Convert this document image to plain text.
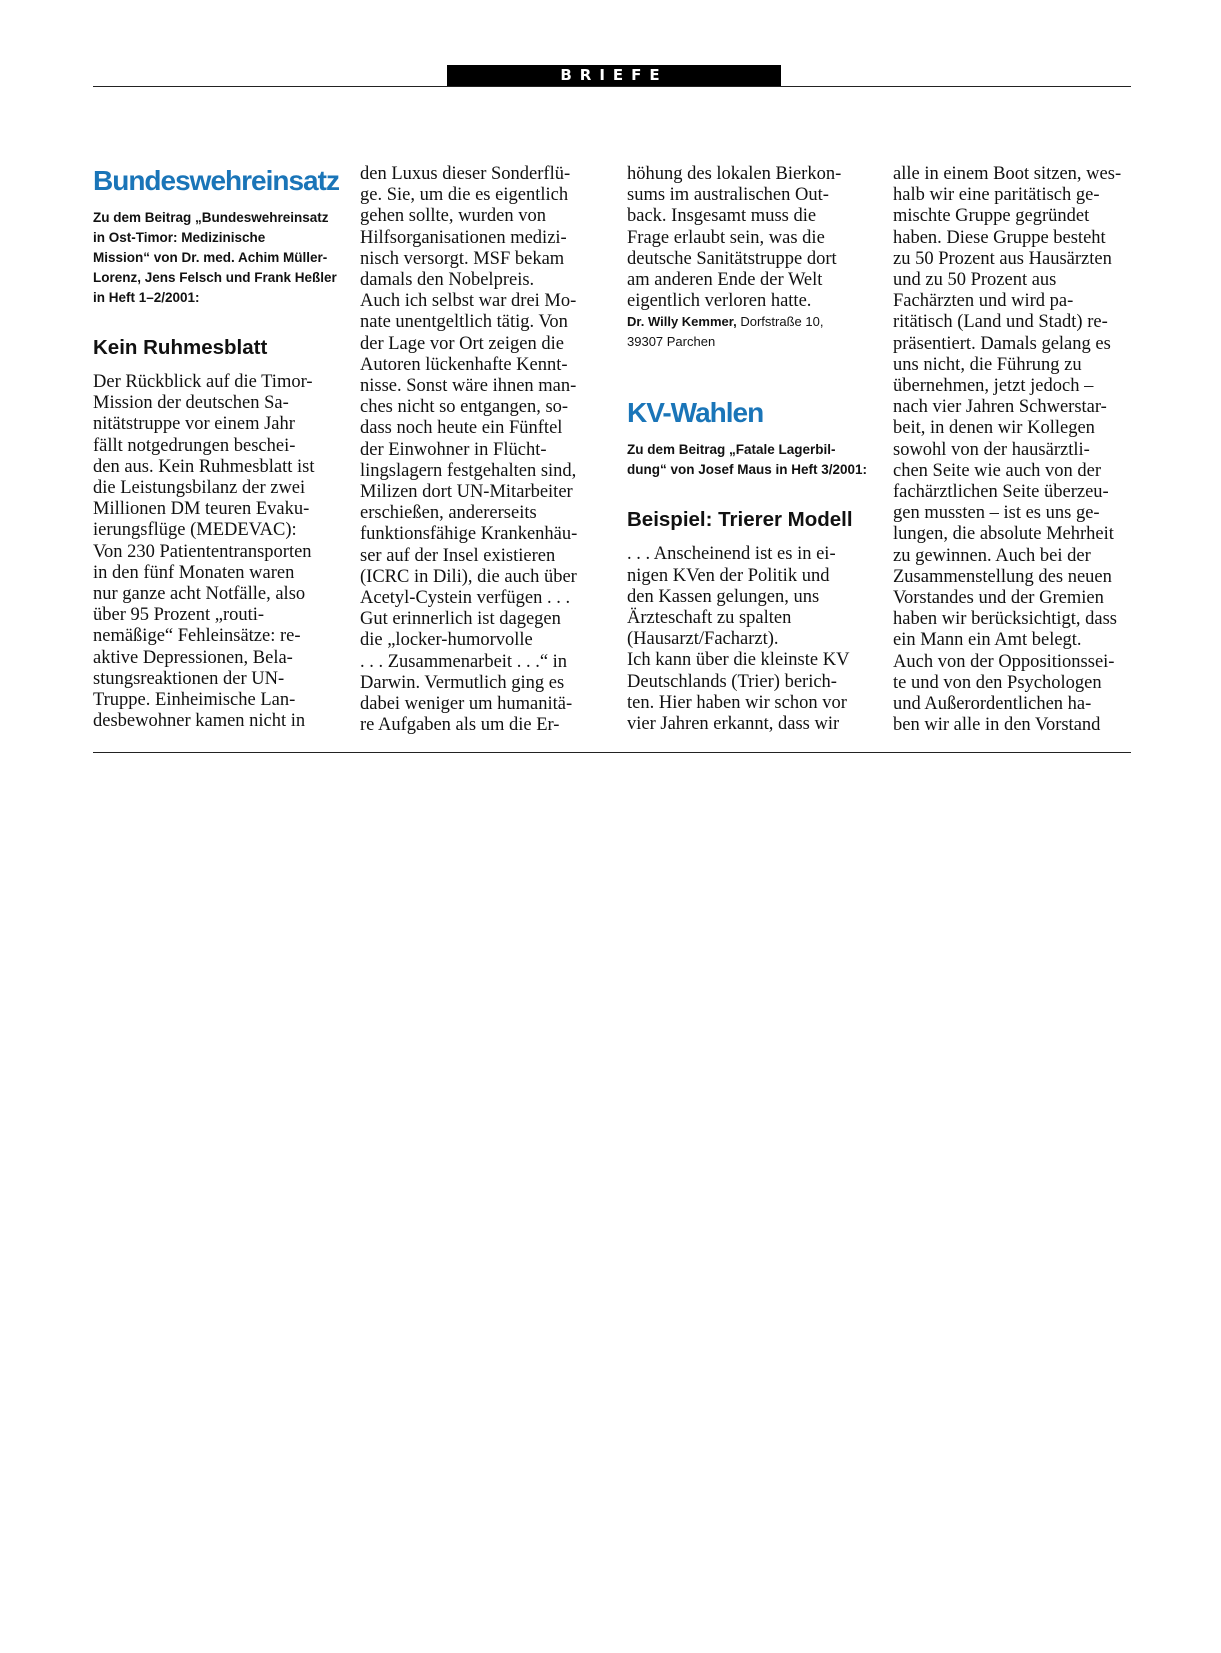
BRIEFE
Bundeswehreinsatz
Zu dem Beitrag „Bundeswehreinsatz
in Ost-Timor: Medizinische
Mission“ von Dr. med. Achim Müller-
Lorenz, Jens Felsch und Frank Heßler
in Heft 1–2/2001:
Kein Ruhmesblatt
Der Rückblick auf die Timor-
Mission der deutschen Sa-
nitätstruppe vor einem Jahr
fällt notgedrungen beschei-
den aus. Kein Ruhmesblatt ist
die Leistungsbilanz der zwei
Millionen DM teuren Evaku-
ierungsflüge (MEDEVAC):
Von 230 Patiententransporten
in den fünf Monaten waren
nur ganze acht Notfälle, also
über 95 Prozent „routi-
nemäßige“ Fehleinsätze: re-
aktive Depressionen, Bela-
stungsreaktionen der UN-
Truppe. Einheimische Lan-
desbewohner kamen nicht in
den Luxus dieser Sonderflü-
ge. Sie, um die es eigentlich
gehen sollte, wurden von
Hilfsorganisationen medizi-
nisch versorgt. MSF bekam
damals den Nobelpreis.
Auch ich selbst war drei Mo-
nate unentgeltlich tätig. Von
der Lage vor Ort zeigen die
Autoren lückenhafte Kennt-
nisse. Sonst wäre ihnen man-
ches nicht so entgangen, so-
dass noch heute ein Fünftel
der Einwohner in Flücht-
lingslagern festgehalten sind,
Milizen dort UN-Mitarbeiter
erschießen, andererseits
funktionsfähige Krankenhäu-
ser auf der Insel existieren
(ICRC in Dili), die auch über
Acetyl-Cystein verfügen . . .
Gut erinnerlich ist dagegen
die „locker-humorvolle
. . . Zusammenarbeit . . .“ in
Darwin. Vermutlich ging es
dabei weniger um humanitä-
re Aufgaben als um die Er-
höhung des lokalen Bierkon-
sums im australischen Out-
back. Insgesamt muss die
Frage erlaubt sein, was die
deutsche Sanitätstruppe dort
am anderen Ende der Welt
eigentlich verloren hatte.
Dr. Willy Kemmer, Dorfstraße 10,
39307 Parchen
KV-Wahlen
Zu dem Beitrag „Fatale Lagerbil-
dung“ von Josef Maus in Heft 3/2001:
Beispiel: Trierer Modell
. . . Anscheinend ist es in ei-
nigen KVen der Politik und
den Kassen gelungen, uns
Ärzteschaft zu spalten
(Hausarzt/Facharzt).
Ich kann über die kleinste KV
Deutschlands (Trier) berich-
ten. Hier haben wir schon vor
vier Jahren erkannt, dass wir
alle in einem Boot sitzen, wes-
halb wir eine paritätisch ge-
mischte Gruppe gegründet
haben. Diese Gruppe besteht
zu 50 Prozent aus Hausärzten
und zu 50 Prozent aus
Fachärzten und wird pa-
ritätisch (Land und Stadt) re-
präsentiert. Damals gelang es
uns nicht, die Führung zu
übernehmen, jetzt jedoch –
nach vier Jahren Schwerstar-
beit, in denen wir Kollegen
sowohl von der hausärztli-
chen Seite wie auch von der
fachärztlichen Seite überzeu-
gen mussten – ist es uns ge-
lungen, die absolute Mehrheit
zu gewinnen. Auch bei der
Zusammenstellung des neuen
Vorstandes und der Gremien
haben wir berücksichtigt, dass
ein Mann ein Amt belegt.
Auch von der Oppositionssei-
te und von den Psychologen
und Außerordentlichen ha-
ben wir alle in den Vorstand
